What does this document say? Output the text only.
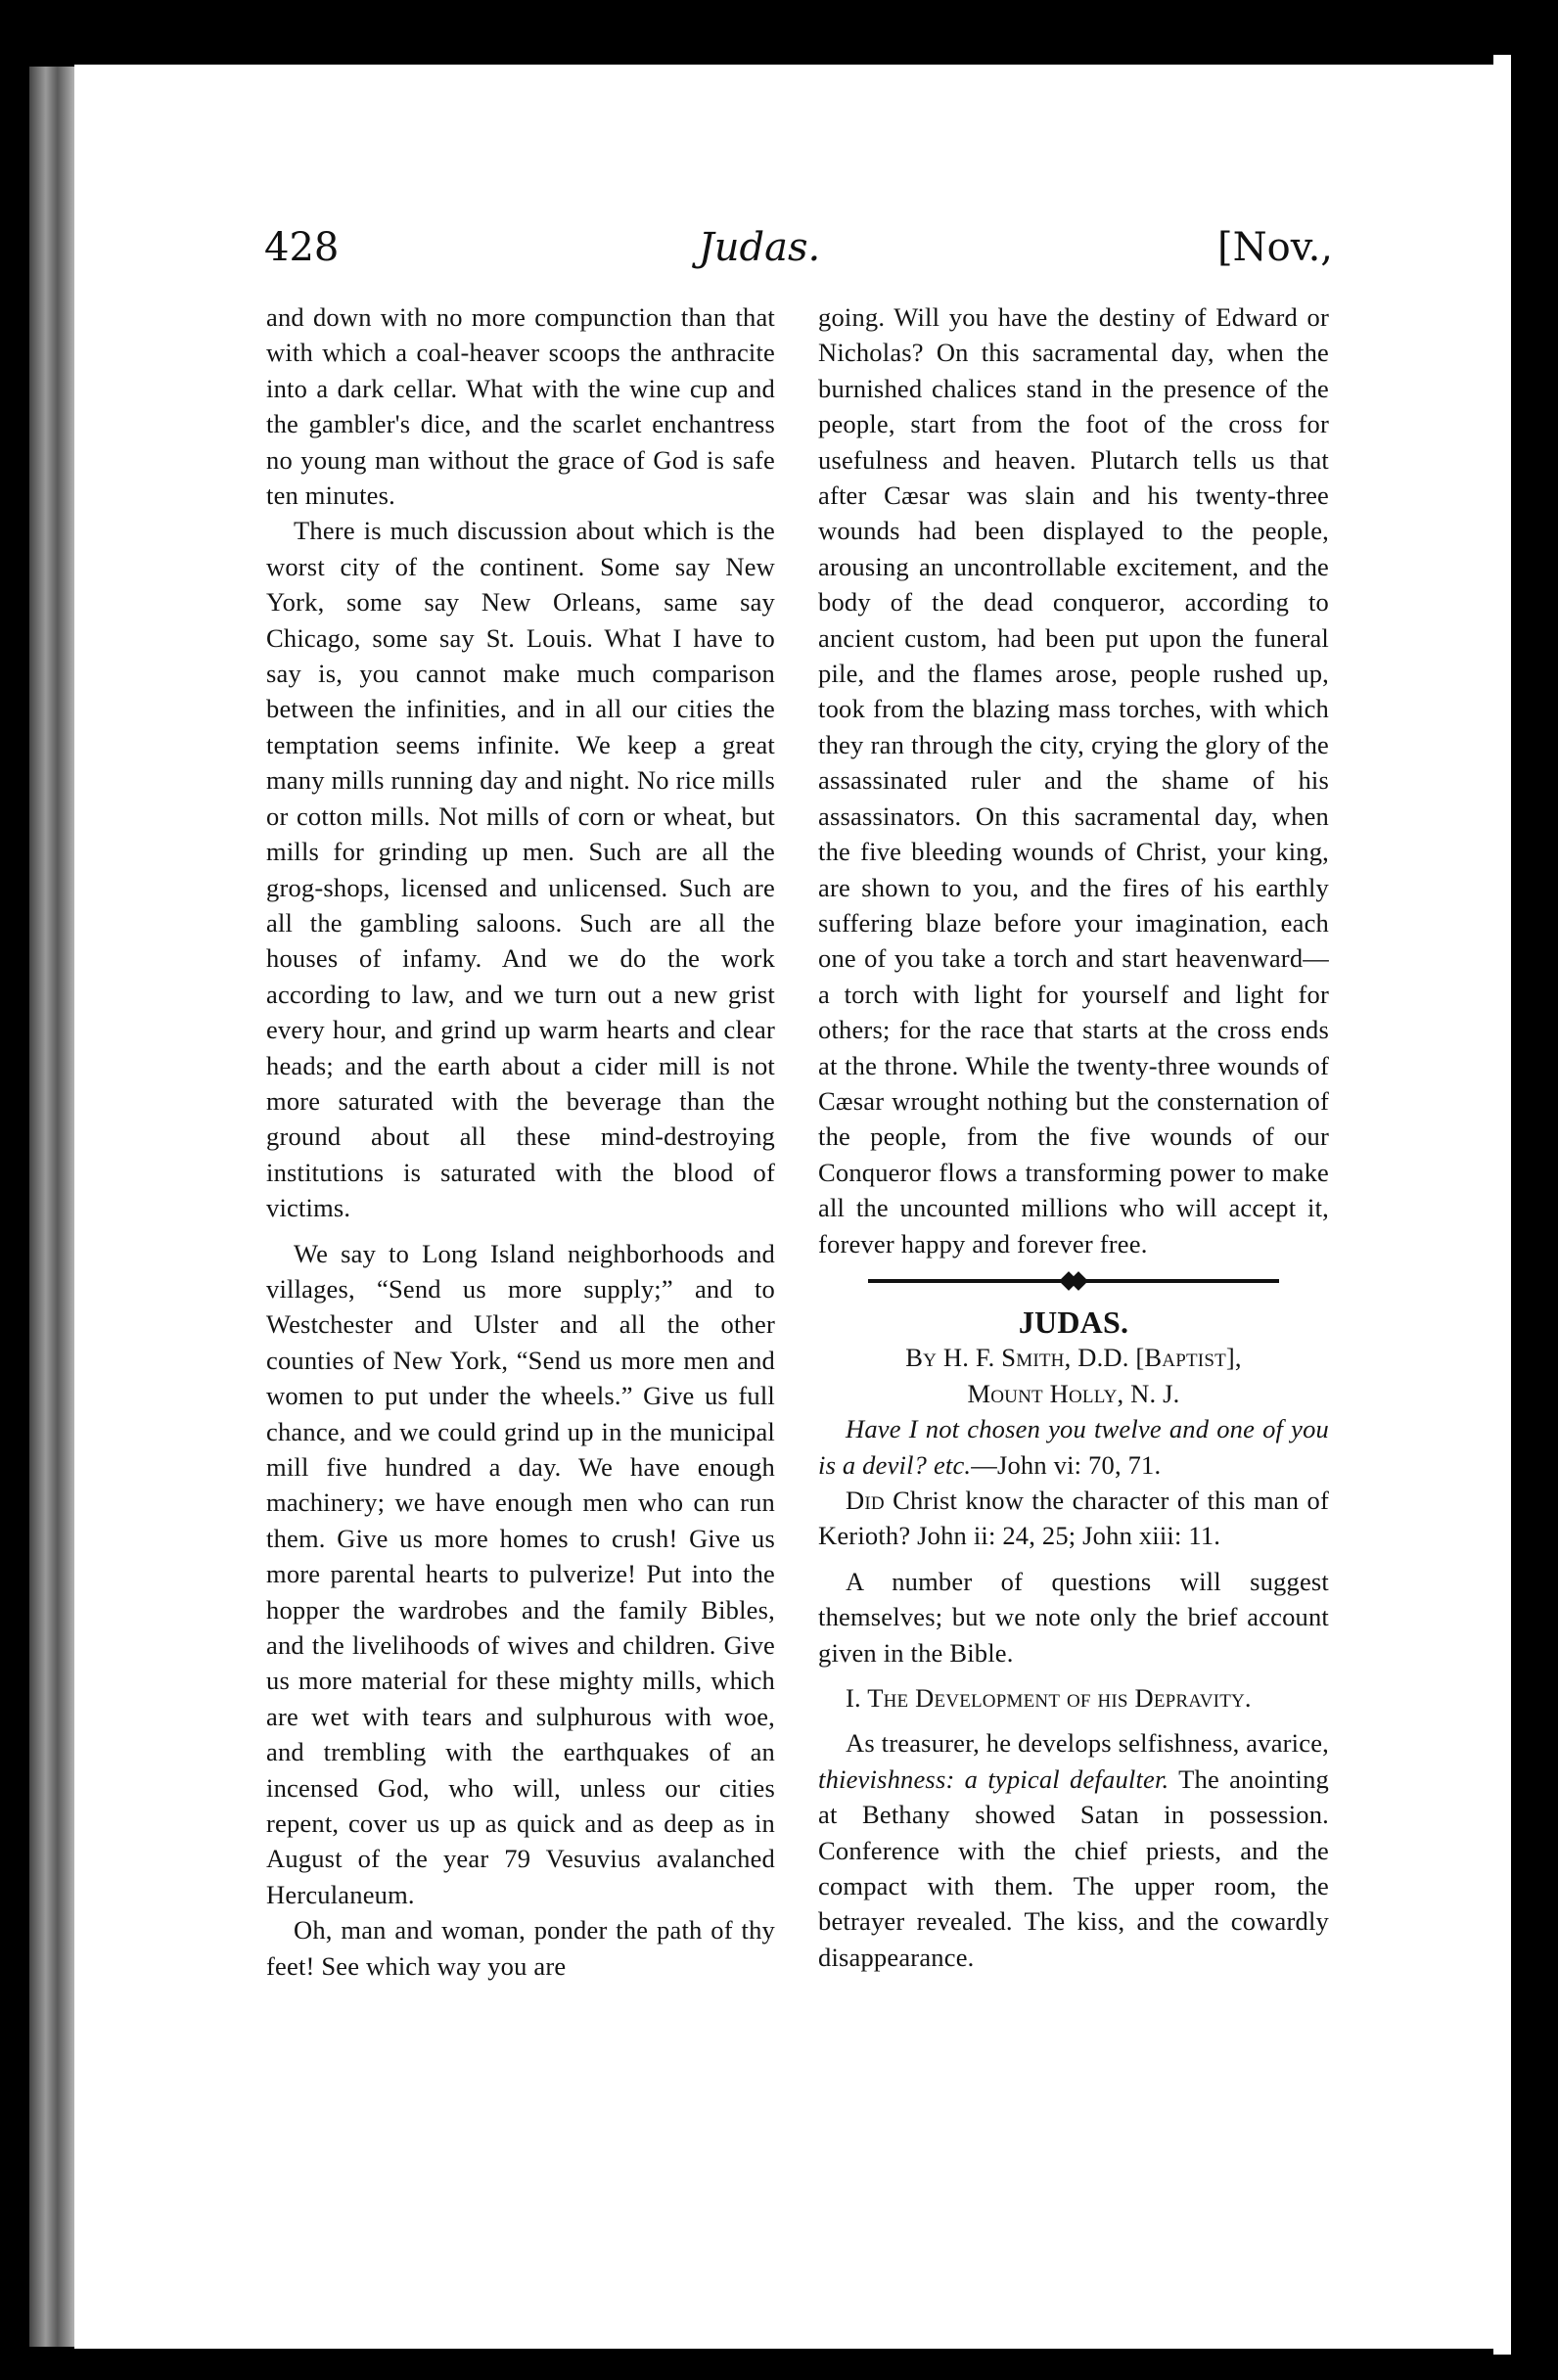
428	Judas.	[Nov.,

and down with no more compunction than that with which a coal-heaver scoops the anthracite into a dark cellar. What with the wine cup and the gambler's dice, and the scarlet enchantress no young man without the grace of God is safe ten minutes.

There is much discussion about which is the worst city of the continent. Some say New York, some say New Orleans, same say Chicago, some say St. Louis. What I have to say is, you cannot make much comparison between the infinities, and in all our cities the temptation seems infinite. We keep a great many mills running day and night. No rice mills or cotton mills. Not mills of corn or wheat, but mills for grinding up men. Such are all the grog-shops, licensed and unlicensed. Such are all the gambling saloons. Such are all the houses of infamy. And we do the work according to law, and we turn out a new grist every hour, and grind up warm hearts and clear heads; and the earth about a cider mill is not more saturated with the beverage than the ground about all these mind-destroying institutions is saturated with the blood of victims.

We say to Long Island neighborhoods and villages, “Send us more supply;” and to Westchester and Ulster and all the other counties of New York, “Send us more men and women to put under the wheels.” Give us full chance, and we could grind up in the municipal mill five hundred a day. We have enough machinery; we have enough men who can run them. Give us more homes to crush! Give us more parental hearts to pulverize! Put into the hopper the wardrobes and the family Bibles, and the livelihoods of wives and children. Give us more material for these mighty mills, which are wet with tears and sulphurous with woe, and trembling with the earthquakes of an incensed God, who will, unless our cities repent, cover us up as quick and as deep as in August of the year 79 Vesuvius avalanched Herculaneum.

Oh, man and woman, ponder the path of thy feet! See which way you are

going. Will you have the destiny of Edward or Nicholas? On this sacramental day, when the burnished chalices stand in the presence of the people, start from the foot of the cross for usefulness and heaven. Plutarch tells us that after Cæsar was slain and his twenty-three wounds had been displayed to the people, arousing an uncontrollable excitement, and the body of the dead conqueror, according to ancient custom, had been put upon the funeral pile, and the flames arose, people rushed up, took from the blazing mass torches, with which they ran through the city, crying the glory of the assassinated ruler and the shame of his assassinators. On this sacramental day, when the five bleeding wounds of Christ, your king, are shown to you, and the fires of his earthly suffering blaze before your imagination, each one of you take a torch and start heavenward—a torch with light for yourself and light for others; for the race that starts at the cross ends at the throne. While the twenty-three wounds of Cæsar wrought nothing but the consternation of the people, from the five wounds of our Conqueror flows a transforming power to make all the uncounted millions who will accept it, forever happy and forever free.

JUDAS.

By H. F. Smith, D.D. [Baptist],

Mount Holly, N. J.

Have I not chosen you twelve and one of you is a devil? etc.—John vi: 70, 71.

Did Christ know the character of this man of Kerioth? John ii: 24, 25; John xiii: 11.

A number of questions will suggest themselves; but we note only the brief account given in the Bible.

I. The Development of his Depravity.

As treasurer, he develops selfishness, avarice, thievishness: a typical defaulter. The anointing at Bethany showed Satan in possession. Conference with the chief priests, and the compact with them. The upper room, the betrayer revealed. The kiss, and the cowardly disappearance.
